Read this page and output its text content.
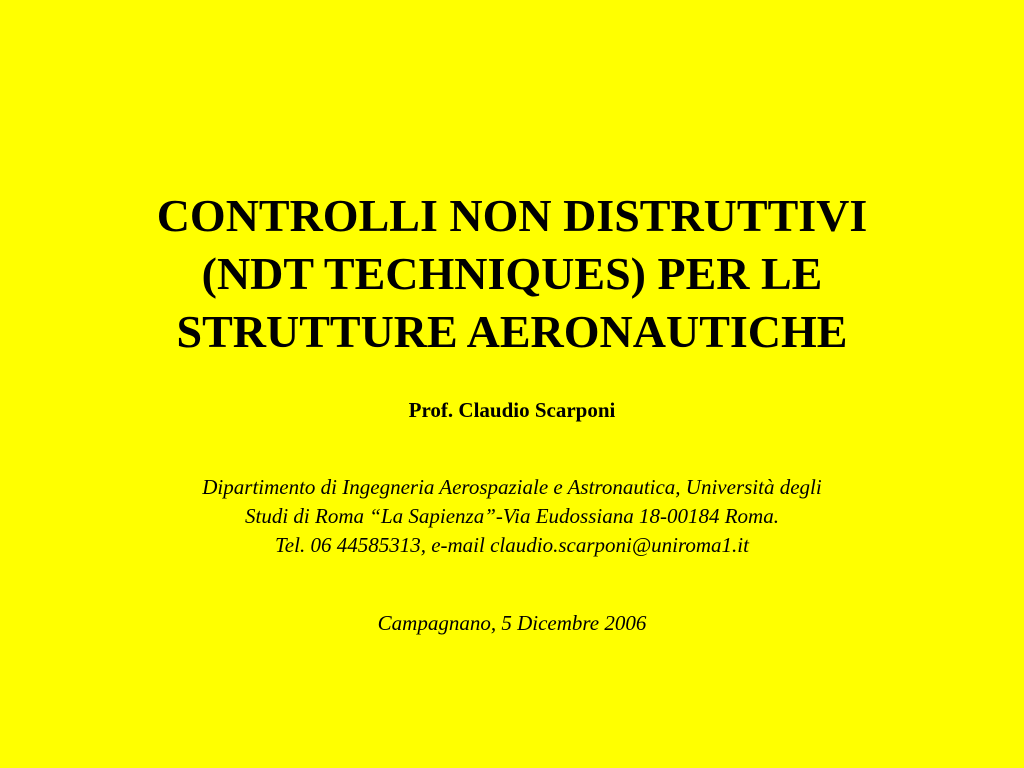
CONTROLLI NON DISTRUTTIVI
(NDT TECHNIQUES) PER LE
STRUTTURE AERONAUTICHE
Prof. Claudio Scarponi
Dipartimento di Ingegneria Aerospaziale e Astronautica, Università degli
Studi di Roma “La Sapienza”-Via Eudossiana 18-00184 Roma.
Tel. 06 44585313, e-mail claudio.scarponi@uniroma1.it
Campagnano, 5 Dicembre 2006
